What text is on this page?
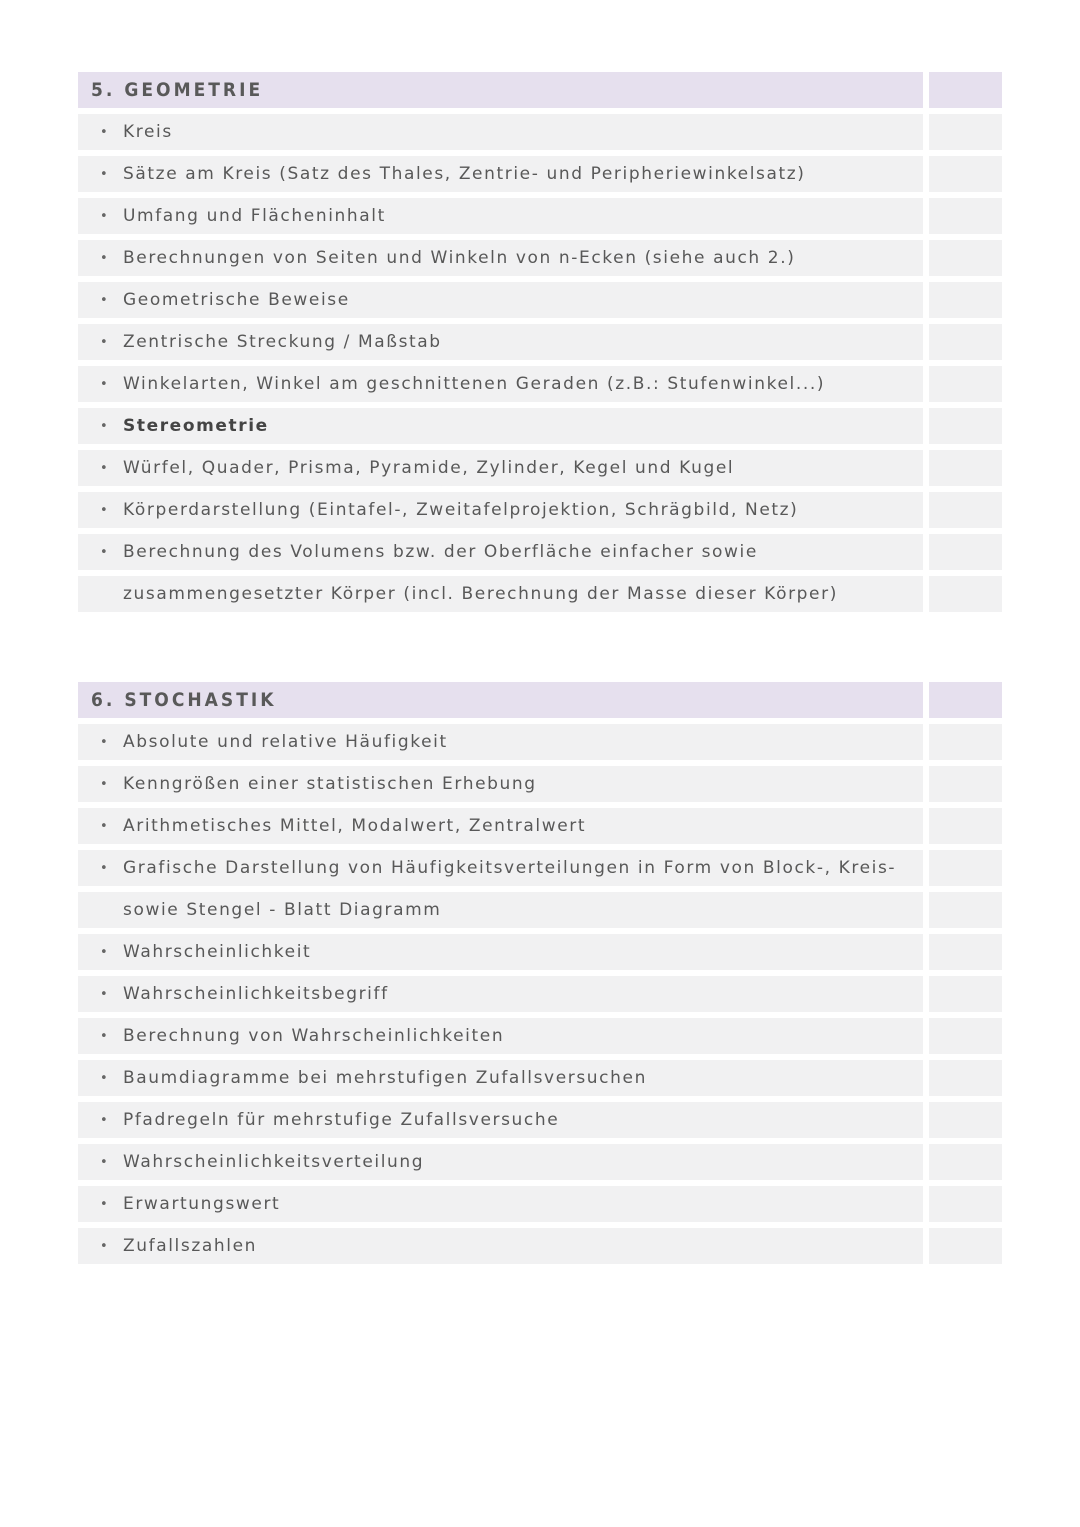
5. GEOMETRIE
• Kreis
• Sätze am Kreis (Satz des Thales, Zentrie- und Peripheriewinkelsatz)
• Umfang und Flächeninhalt
• Berechnungen von Seiten und Winkeln von n-Ecken (siehe auch 2.)
• Geometrische Beweise
• Zentrische Streckung / Maßstab
• Winkelarten, Winkel am geschnittenen Geraden (z.B.: Stufenwinkel...)
• Stereometrie
• Würfel, Quader, Prisma, Pyramide, Zylinder, Kegel und Kugel
• Körperdarstellung (Eintafel-, Zweitafelprojektion, Schrägbild, Netz)
• Berechnung des Volumens bzw. der Oberfläche einfacher sowie
zusammengesetzter Körper (incl. Berechnung der Masse dieser Körper)
6. STOCHASTIK
• Absolute und relative Häufigkeit
• Kenngrößen einer statistischen Erhebung
• Arithmetisches Mittel, Modalwert, Zentralwert
• Grafische Darstellung von Häufigkeitsverteilungen in Form von Block-, Kreis-
sowie Stengel - Blatt Diagramm
• Wahrscheinlichkeit
• Wahrscheinlichkeitsbegriff
• Berechnung von Wahrscheinlichkeiten
• Baumdiagramme bei mehrstufigen Zufallsversuchen
• Pfadregeln für mehrstufige Zufallsversuche
• Wahrscheinlichkeitsverteilung
• Erwartungswert
• Zufallszahlen
